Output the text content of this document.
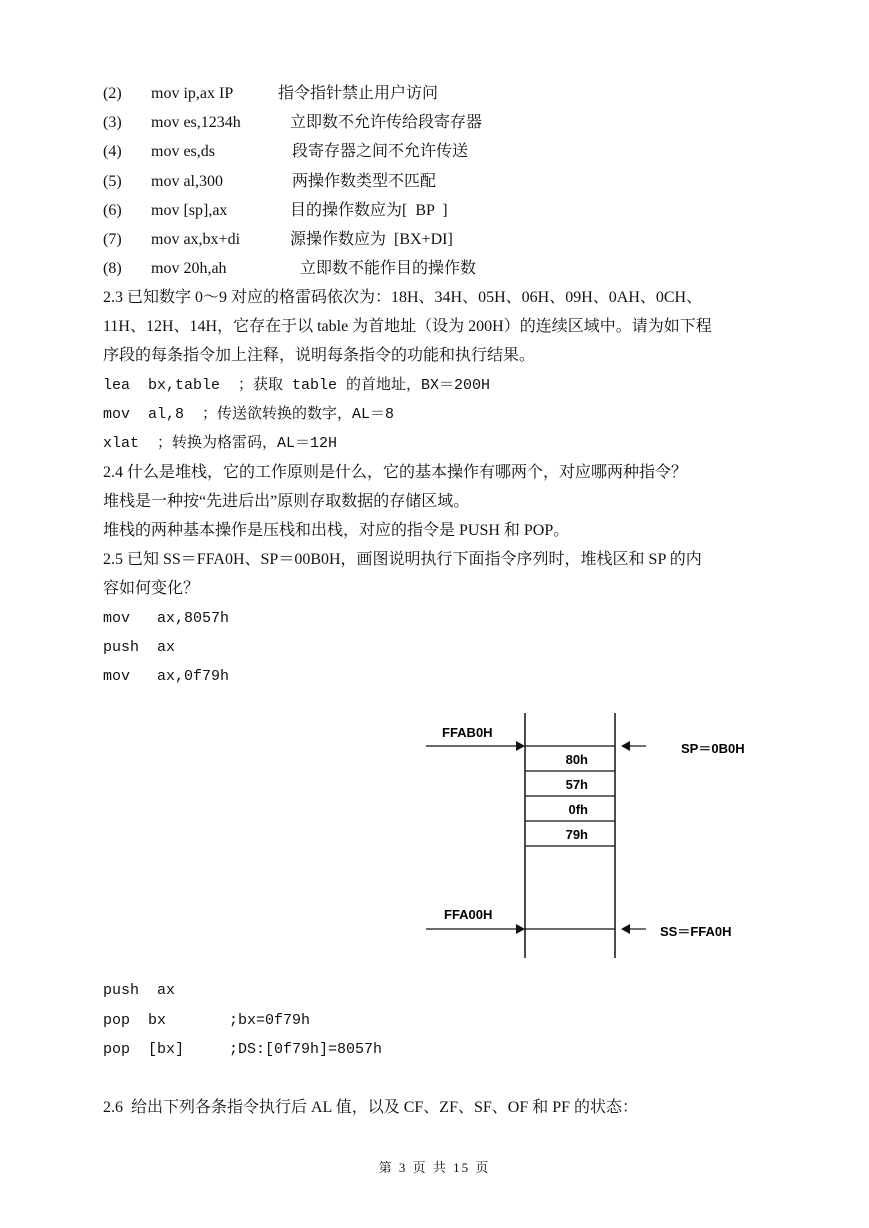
(2) mov ip,ax IP	指令指针禁止用户访问
(3) mov es,1234h	立即数不允许传给段寄存器
(4) mov es,ds	段寄存器之间不允许传送
(5) mov al,300	两操作数类型不匹配
(6) mov [sp],ax	目的操作数应为[  BP  ]
(7) mov ax,bx+di	源操作数应为  [BX+DI]
(8) mov 20h,ah	立即数不能作目的操作数
2.3 已知数字 0～9 对应的格雷码依次为：18H、34H、05H、06H、09H、0AH、0CH、
11H、12H、14H，它存在于以 table 为首地址（设为 200H）的连续区域中。请为如下程
序段的每条指令加上注释，说明每条指令的功能和执行结果。
lea  bx,table  ；获取 table 的首地址，BX＝200H
mov  al,8  ；传送欲转换的数字，AL＝8
xlat  ；转换为格雷码，AL＝12H
2.4 什么是堆栈，它的工作原则是什么，它的基本操作有哪两个，对应哪两种指令？
堆栈是一种按“先进后出”原则存取数据的存储区域。
堆栈的两种基本操作是压栈和出栈，对应的指令是 PUSH 和 POP。
2.5 已知 SS＝FFA0H、SP＝00B0H，画图说明执行下面指令序列时，堆栈区和 SP 的内
容如何变化？
mov   ax,8057h
push  ax
mov   ax,0f79h
80h
57h
0fh
79h
FFAB0H
FFA00H
SP＝0B0H
SS＝FFA0H
push  ax
pop  bx       ;bx=0f79h
pop  [bx]     ;DS:[0f79h]=8057h
2.6  给出下列各条指令执行后 AL 值，以及 CF、ZF、SF、OF 和 PF 的状态：
第 3 页 共 15 页
